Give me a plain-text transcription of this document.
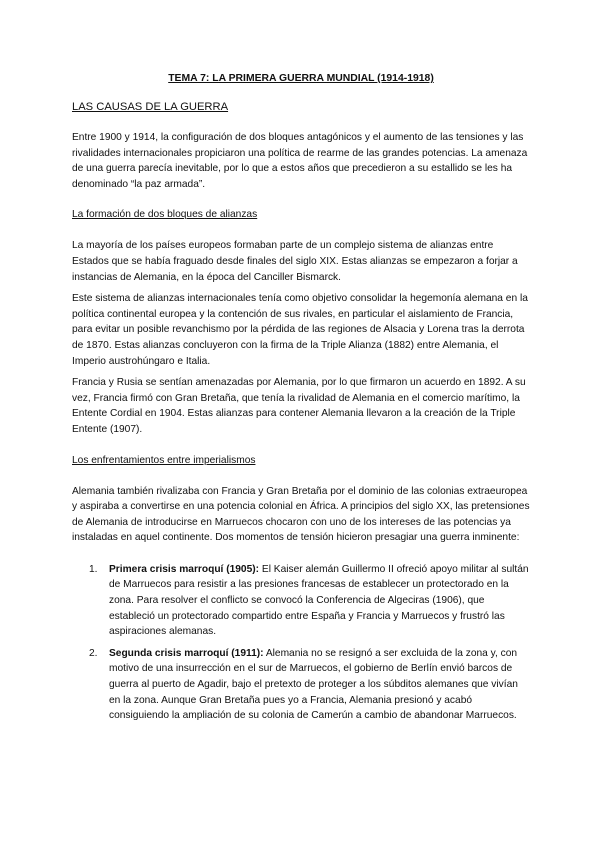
TEMA 7: LA PRIMERA GUERRA MUNDIAL (1914-1918)
LAS CAUSAS DE LA GUERRA

Entre 1900 y 1914, la configuración de dos bloques antagónicos y el aumento de las tensiones y las rivalidades internacionales propiciaron una política de rearme de las grandes potencias. La amenaza de una guerra parecía inevitable, por lo que a estos años que precedieron a su estallido se les ha denominado “la paz armada”.

La formación de dos bloques de alianzas

La mayoría de los países europeos formaban parte de un complejo sistema de alianzas entre Estados que se había fraguado desde finales del siglo XIX. Estas alianzas se empezaron a forjar a instancias de Alemania, en la época del Canciller Bismarck.

Este sistema de alianzas internacionales tenía como objetivo consolidar la hegemonía alemana en la política continental europea y la contención de sus rivales, en particular el aislamiento de Francia, para evitar un posible revanchismo por la pérdida de las regiones de Alsacia y Lorena tras la derrota de 1870. Estas alianzas concluyeron con la firma de la Triple Alianza (1882) entre Alemania, el Imperio austrohúngaro e Italia.

Francia y Rusia se sentían amenazadas por Alemania, por lo que firmaron un acuerdo en 1892. A su vez, Francia firmó con Gran Bretaña, que tenía la rivalidad de Alemania en el comercio marítimo, la Entente Cordial en 1904. Estas alianzas para contener Alemania llevaron a la creación de la Triple Entente (1907).

Los enfrentamientos entre imperialismos

Alemania también rivalizaba con Francia y Gran Bretaña por el dominio de las colonias extraeuropea y aspiraba a convertirse en una potencia colonial en África. A principios del siglo XX, las pretensiones de Alemania de introducirse en Marruecos chocaron con uno de los intereses de las potencias ya instaladas en aquel continente. Dos momentos de tensión hicieron presagiar una guerra inminente:

1. Primera crisis marroquí (1905): El Kaiser alemán Guillermo II ofreció apoyo militar al sultán de Marruecos para resistir a las presiones francesas de establecer un protectorado en la zona. Para resolver el conflicto se convocó la Conferencia de Algeciras (1906), que estableció un protectorado compartido entre España y Francia y Marruecos y frustró las aspiraciones alemanas.
2. Segunda crisis marroquí (1911): Alemania no se resignó a ser excluida de la zona y, con motivo de una insurrección en el sur de Marruecos, el gobierno de Berlín envió barcos de guerra al puerto de Agadir, bajo el pretexto de proteger a los súbditos alemanes que vivían en la zona. Aunque Gran Bretaña pues yo a Francia, Alemania presionó y acabó consiguiendo la ampliación de su colonia de Camerún a cambio de abandonar Marruecos.
